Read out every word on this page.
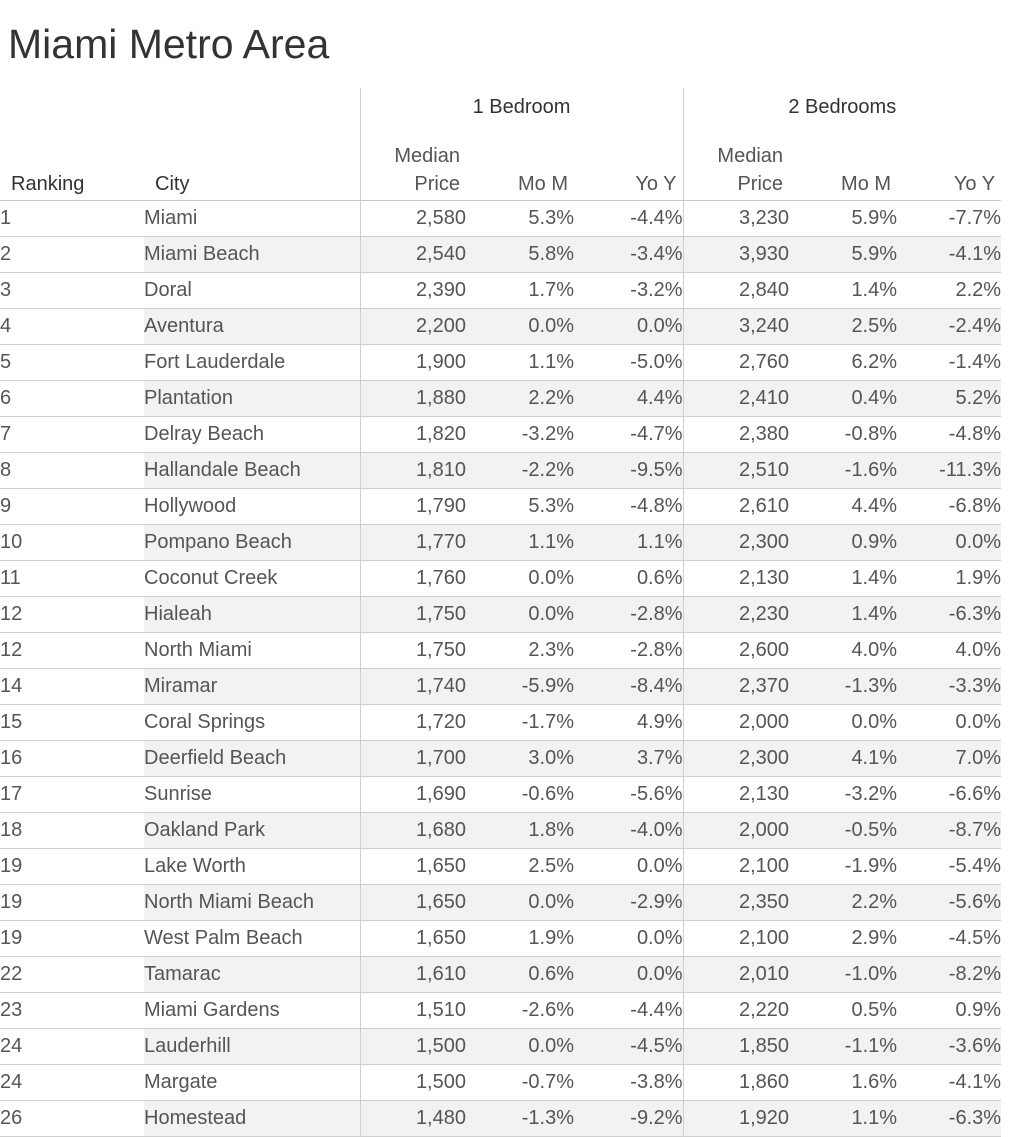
Miami Metro Area
		1 Bedroom			2 Bedrooms		
		Median			Median		
Ranking	City	Price	Mo M	Yo Y	Price	Mo M	Yo Y
1	Miami	2,580	5.3%	-4.4%	3,230	5.9%	-7.7%
2	Miami Beach	2,540	5.8%	-3.4%	3,930	5.9%	-4.1%
3	Doral	2,390	1.7%	-3.2%	2,840	1.4%	2.2%
4	Aventura	2,200	0.0%	0.0%	3,240	2.5%	-2.4%
5	Fort Lauderdale	1,900	1.1%	-5.0%	2,760	6.2%	-1.4%
6	Plantation	1,880	2.2%	4.4%	2,410	0.4%	5.2%
7	Delray Beach	1,820	-3.2%	-4.7%	2,380	-0.8%	-4.8%
8	Hallandale Beach	1,810	-2.2%	-9.5%	2,510	-1.6%	-11.3%
9	Hollywood	1,790	5.3%	-4.8%	2,610	4.4%	-6.8%
10	Pompano Beach	1,770	1.1%	1.1%	2,300	0.9%	0.0%
11	Coconut Creek	1,760	0.0%	0.6%	2,130	1.4%	1.9%
12	Hialeah	1,750	0.0%	-2.8%	2,230	1.4%	-6.3%
12	North Miami	1,750	2.3%	-2.8%	2,600	4.0%	4.0%
14	Miramar	1,740	-5.9%	-8.4%	2,370	-1.3%	-3.3%
15	Coral Springs	1,720	-1.7%	4.9%	2,000	0.0%	0.0%
16	Deerfield Beach	1,700	3.0%	3.7%	2,300	4.1%	7.0%
17	Sunrise	1,690	-0.6%	-5.6%	2,130	-3.2%	-6.6%
18	Oakland Park	1,680	1.8%	-4.0%	2,000	-0.5%	-8.7%
19	Lake Worth	1,650	2.5%	0.0%	2,100	-1.9%	-5.4%
19	North Miami Beach	1,650	0.0%	-2.9%	2,350	2.2%	-5.6%
19	West Palm Beach	1,650	1.9%	0.0%	2,100	2.9%	-4.5%
22	Tamarac	1,610	0.6%	0.0%	2,010	-1.0%	-8.2%
23	Miami Gardens	1,510	-2.6%	-4.4%	2,220	0.5%	0.9%
24	Lauderhill	1,500	0.0%	-4.5%	1,850	-1.1%	-3.6%
24	Margate	1,500	-0.7%	-3.8%	1,860	1.6%	-4.1%
26	Homestead	1,480	-1.3%	-9.2%	1,920	1.1%	-6.3%
